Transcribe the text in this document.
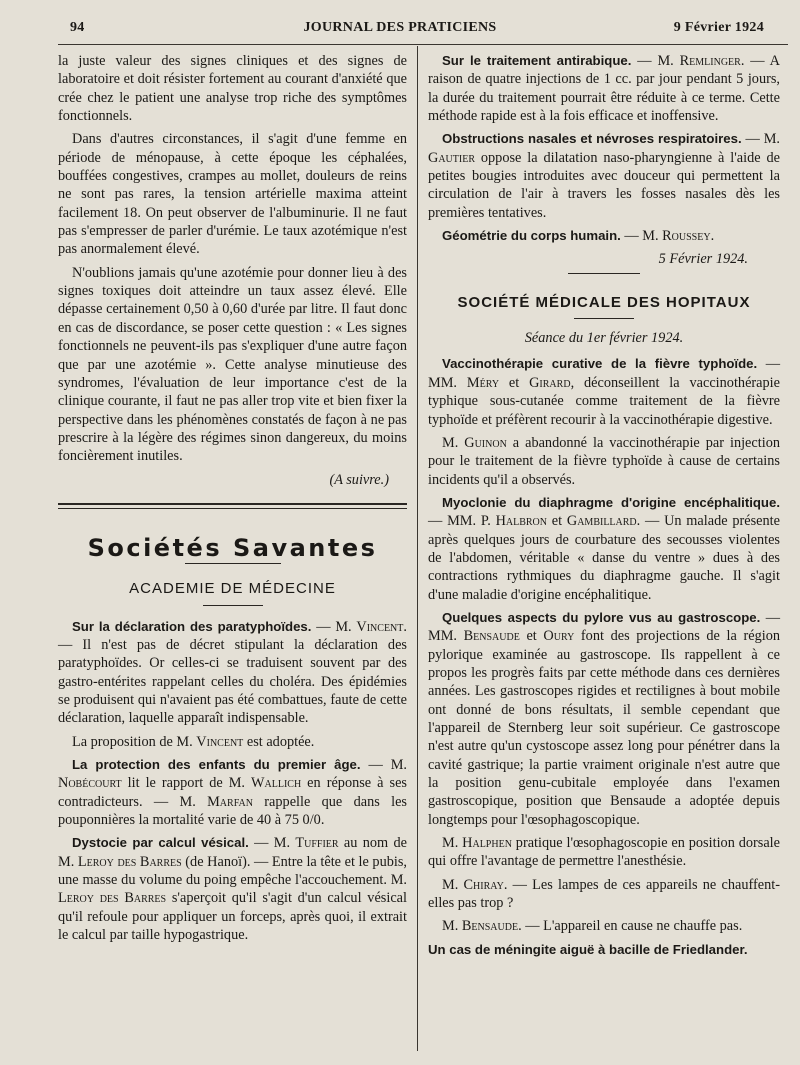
94	JOURNAL DES PRATICIENS	9 Février 1924

la juste valeur des signes cliniques et des signes de laboratoire et doit résister fortement au courant d'anxiété que crée chez le patient une analyse trop riche des symptômes fonctionnels.

Dans d'autres circonstances, il s'agit d'une femme en période de ménopause, à cette époque les céphalées, bouffées congestives, crampes au mollet, douleurs de reins ne sont pas rares, la tension artérielle maxima atteint facilement 18. On peut observer de l'albuminurie. Il ne faut pas s'empresser de parler d'urémie. Le taux azotémique n'est pas anormalement élevé.

N'oublions jamais qu'une azotémie pour donner lieu à des signes toxiques doit atteindre un taux assez élevé. Elle dépasse certainement 0,50 à 0,60 d'urée par litre. Il faut donc en cas de discordance, se poser cette question : « Les signes fonctionnels ne peuvent-ils pas s'expliquer d'une autre façon que par une azotémie ». Cette analyse minutieuse des syndromes, l'évaluation de leur importance c'est de la clinique courante, il faut ne pas aller trop vite et bien fixer la perspective dans les phénomènes constatés de façon à ne pas prescrire à la légère des régimes sinon dangereux, du moins foncièrement inutiles.

(A suivre.)
Sociétés Savantes
ACADEMIE DE MÉDECINE

Sur la déclaration des paratyphoïdes. — M. Vincent. — Il n'est pas de décret stipulant la déclaration des paratyphoïdes. Or celles-ci se traduisent souvent par des gastro-entérites rappelant celles du choléra. Des épidémies se produisent qui n'avaient pas été combattues, faute de cette déclaration, laquelle apparaît indispensable.

La proposition de M. Vincent est adoptée.

La protection des enfants du premier âge. — M. Nobécourt lit le rapport de M. Wallich en réponse à ses contradicteurs. — M. Marfan rappelle que dans les pouponnières la mortalité varie de 40 à 75 0/0.

Dystocie par calcul vésical. — M. Tuffier au nom de M. Leroy des Barres (de Hanoï). — Entre la tête et le pubis, une masse du volume du poing empêche l'accouchement. M. Leroy des Barres s'aperçoit qu'il s'agit d'un calcul vésical qu'il refoule pour appliquer un forceps, après quoi, il extrait le calcul par taille hypogastrique.

Sur le traitement antirabique. — M. Remlinger. — A raison de quatre injections de 1 cc. par jour pendant 5 jours, la durée du traitement pourrait être réduite à ce terme. Cette méthode rapide est à la fois efficace et inoffensive.

Obstructions nasales et névroses respiratoires. — M. Gautier oppose la dilatation naso-pharyngienne à l'aide de petites bougies introduites avec douceur qui permettent la circulation de l'air à travers les fosses nasales dès les premières tentatives.

Géométrie du corps humain. — M. Roussey.

5 Février 1924.
SOCIÉTÉ MÉDICALE DES HOPITAUX
Séance du 1er février 1924.

Vaccinothérapie curative de la fièvre typhoïde. — MM. Méry et Girard, déconseillent la vaccinothérapie typhique sous-cutanée comme traitement de la fièvre typhoïde et préfèrent recourir à la vaccinothérapie digestive.

M. Guinon a abandonné la vaccinothérapie par injection pour le traitement de la fièvre typhoïde à cause de certains incidents qu'il a observés.

Myoclonie du diaphragme d'origine encéphalitique. — MM. P. Halbron et Gambillard. — Un malade présente après quelques jours de courbature des secousses violentes de l'abdomen, véritable « danse du ventre » dues à des contractions rythmiques du diaphragme gauche. Il s'agit d'une maladie d'origine encéphalitique.

Quelques aspects du pylore vus au gastroscope. — MM. Bensaude et Oury font des projections de la région pylorique examinée au gastroscope. Ils rappellent à ce propos les progrès faits par cette méthode dans ces dernières années. Les gastroscopes rigides et rectilignes à bout mobile ont donné de bons résultats, il semble cependant que l'appareil de Sternberg leur soit supérieur. Ce gastroscope n'est autre qu'un cystoscope assez long pour pénétrer dans la cavité gastrique; la partie vraiment originale n'est autre que la position genu-cubitale employée dans l'examen gastroscopique, position que Bensaude a adoptée depuis longtemps pour l'œsophagoscopique.

M. Halphen pratique l'œsophagoscopie en position dorsale qui offre l'avantage de permettre l'anesthésie.

M. Chiray. — Les lampes de ces appareils ne chauffent-elles pas trop ?

M. Bensaude. — L'appareil en cause ne chauffe pas.

Un cas de méningite aiguë à bacille de Friedlander.
